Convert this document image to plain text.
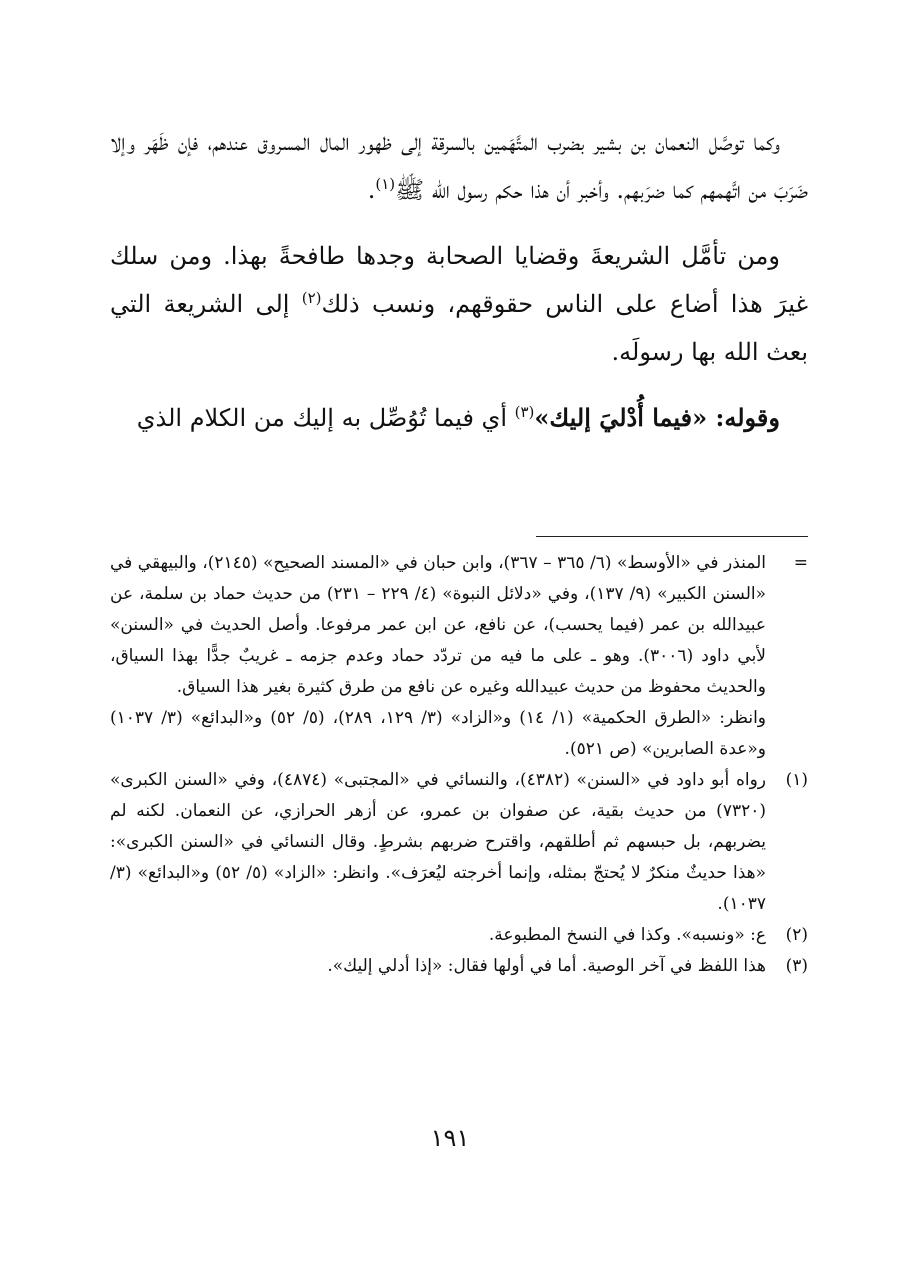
وكما توصَّل النعمان بن بشير بضرب المتَّهَمين بالسرقة إلى ظهور المال المسروق عندهم، فإن ظَهَر وإلا ضَرَبَ من اتَّهمهم كما ضرَبهم. وأخبر أن هذا حكم رسول الله ﷺ$^{(١)}$.

ومن تأمَّل الشريعةَ وقضايا الصحابة وجدها طافحةً بهذا. ومن سلك غيرَ هذا أضاع على الناس حقوقهم، ونسب ذلك$^{(٢)}$ إلى الشريعة التي بعث الله بها رسولَه.

وقوله: «فيما أُدْليَ إليك»$^{(٣)}$ أي فيما تُوُصِّل به إليك من الكلام الذي

=

المنذر في «الأوسط» (٦/ ٣٦٥ – ٣٦٧)، وابن حبان في «المسند الصحيح» (٢١٤٥)، والبيهقي في «السنن الكبير» (٩/ ١٣٧)، وفي «دلائل النبوة» (٤/ ٢٢٩ – ٢٣١) من حديث حماد بن سلمة، عن عبيدالله بن عمر (فيما يحسب)، عن نافع، عن ابن عمر مرفوعا. وأصل الحديث في «السنن» لأبي داود (٣٠٠٦). وهو ـ على ما فيه من تردّد حماد وعدم جزمه ـ غريبٌ جدًّا بهذا السياق، والحديث محفوظ من حديث عبيدالله وغيره عن نافع من طرق كثيرة بغير هذا السياق.

وانظر: «الطرق الحكمية» (١/ ١٤) و«الزاد» (٣/ ١٢٩، ٢٨٩)، (٥/ ٥٢) و«البدائع» (٣/ ١٠٣٧) و«عدة الصابرين» (ص ٥٢١).

(١)
رواه أبو داود في «السنن» (٤٣٨٢)، والنسائي في «المجتبى» (٤٨٧٤)، وفي «السنن الكبرى» (٧٣٢٠) من حديث بقية، عن صفوان بن عمرو، عن أزهر الحرازي، عن النعمان. لكنه لم يضربهم، بل حبسهم ثم أطلقهم، واقترح ضربهم بشرطٍ. وقال النسائي في «السنن الكبرى»: «هذا حديثٌ منكرٌ لا يُحتجّ بمثله، وإنما أخرجته ليُعرَف». وانظر: «الزاد» (٥/ ٥٢) و«البدائع» (٣/ ١٠٣٧).
(٢)
ع: «ونسبه». وكذا في النسخ المطبوعة.
(٣)
هذا اللفظ في آخر الوصية. أما في أولها فقال: «إذا أدلي إليك».
١٩١
